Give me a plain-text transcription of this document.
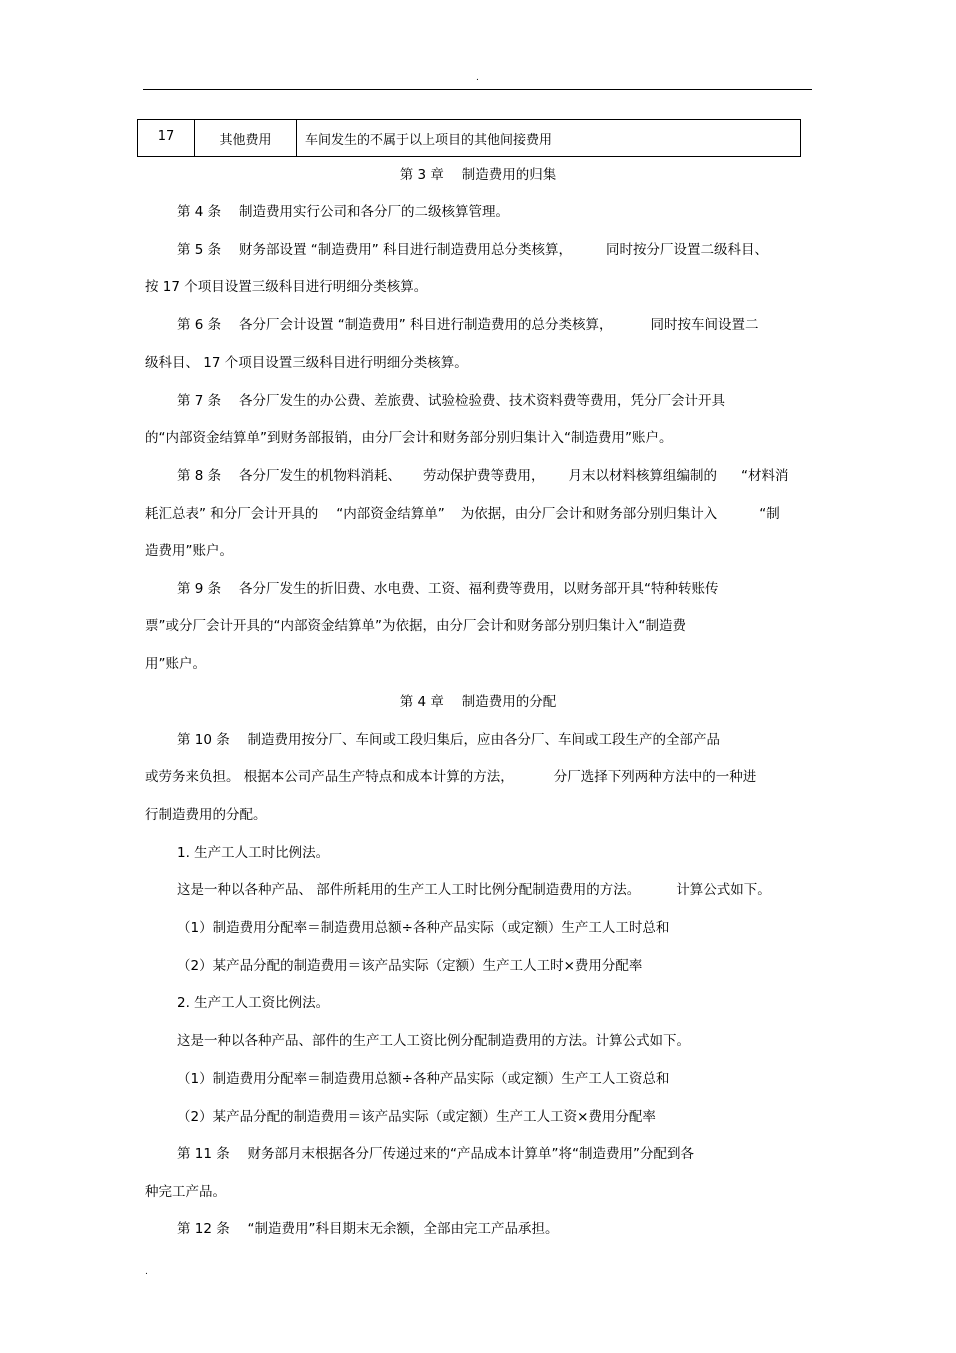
.
17	其他费用	车间发生的不属于以上项目的其他间接费用
第 3 章　 制造费用的归集
第 4 条　 制造费用实行公司和各分厂的二级核算管理。
第 5 条　 财务部设置 “制造费用” 科目进行制造费用总分类核算，	同时按分厂设置二级科目、
按 17 个项目设置三级科目进行明细分类核算。
第 6 条　 各分厂会计设置 “制造费用” 科目进行制造费用的总分类核算，	同时按车间设置二
级科目、 17 个项目设置三级科目进行明细分类核算。
第 7 条　 各分厂发生的办公费、差旅费、试验检验费、技术资料费等费用，凭分厂会计开具
的“内部资金结算单”到财务部报销，由分厂会计和财务部分别归集计入“制造费用”账户。
第 8 条　 各分厂发生的机物料消耗、 劳动保护费等费用， 月末以材料核算组编制的 “材料消
耗汇总表” 和分厂会计开具的 “内部资金结算单” 为依据，由分厂会计和财务部分别归集计入	“制
造费用”账户。
第 9 条　 各分厂发生的折旧费、水电费、工资、福利费等费用，以财务部开具“特种转账传
票”或分厂会计开具的“内部资金结算单”为依据，由分厂会计和财务部分别归集计入“制造费
用”账户。
第 4 章　 制造费用的分配
第 10 条　 制造费用按分厂、车间或工段归集后，应由各分厂、车间或工段生产的全部产品
或劳务来负担。 根据本公司产品生产特点和成本计算的方法，	分厂选择下列两种方法中的一种进
行制造费用的分配。
1. 生产工人工时比例法。
这是一种以各种产品、 部件所耗用的生产工人工时比例分配制造费用的方法。	计算公式如下。
（1）制造费用分配率＝制造费用总额÷各种产品实际（或定额）生产工人工时总和
（2）某产品分配的制造费用＝该产品实际（定额）生产工人工时×费用分配率
2. 生产工人工资比例法。
这是一种以各种产品、部件的生产工人工资比例分配制造费用的方法。计算公式如下。
（1）制造费用分配率＝制造费用总额÷各种产品实际（或定额）生产工人工资总和
（2）某产品分配的制造费用＝该产品实际（或定额）生产工人工资×费用分配率
第 11 条　 财务部月末根据各分厂传递过来的“产品成本计算单”将“制造费用”分配到各
种完工产品。
第 12 条　 “制造费用”科目期末无余额，全部由完工产品承担。
.
